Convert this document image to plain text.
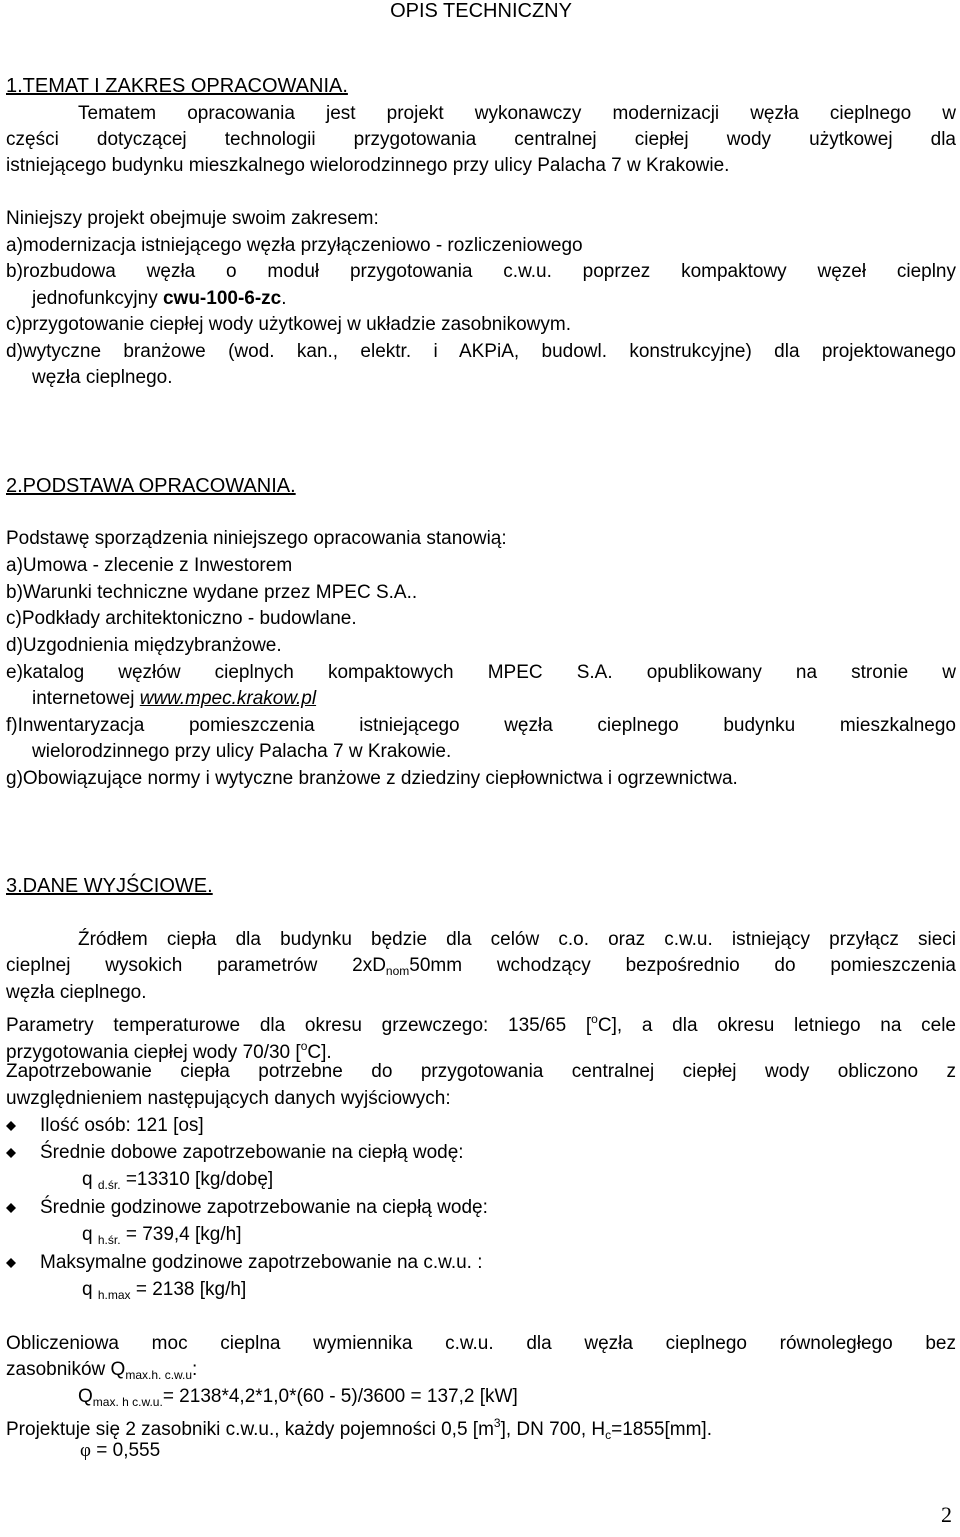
OPIS TECHNICZNY
1.TEMAT I ZAKRES OPRACOWANIA.
Tematem opracowania jest projekt wykonawczy modernizacji węzła cieplnego w
części dotyczącej technologii przygotowania centralnej ciepłej wody użytkowej dla
istniejącego budynku mieszkalnego wielorodzinnego przy ulicy Palacha 7 w Krakowie.
Niniejszy projekt obejmuje swoim zakresem:
a)modernizacja istniejącego węzła przyłączeniowo - rozliczeniowego
b)rozbudowa węzła o moduł przygotowania c.w.u. poprzez kompaktowy węzeł cieplny
jednofunkcyjny cwu-100-6-zc.
c)przygotowanie ciepłej wody użytkowej w układzie zasobnikowym.
d)wytyczne branżowe (wod. kan., elektr. i AKPiA, budowl. konstrukcyjne) dla projektowanego
węzła cieplnego.
2.PODSTAWA OPRACOWANIA.
Podstawę sporządzenia niniejszego opracowania stanowią:
a)Umowa - zlecenie z Inwestorem
b)Warunki techniczne wydane przez MPEC S.A..
c)Podkłady architektoniczno - budowlane.
d)Uzgodnienia międzybranżowe.
e)katalog węzłów cieplnych kompaktowych MPEC S.A. opublikowany na stronie w
internetowej www.mpec.krakow.pl
f)Inwentaryzacja pomieszczenia istniejącego węzła cieplnego budynku mieszkalnego
wielorodzinnego przy ulicy Palacha 7 w Krakowie.
g)Obowiązujące normy i wytyczne branżowe z dziedziny ciepłownictwa i ogrzewnictwa.
3.DANE WYJŚCIOWE.
Źródłem ciepła dla budynku będzie dla celów c.o. oraz c.w.u. istniejący przyłącz sieci
cieplnej wysokich parametrów $2xD_{nom}50mm$ wchodzący bezpośrednio do pomieszczenia
węzła cieplnego.
Parametry temperaturowe dla okresu grzewczego: 135/65 [$^o$C], a dla okresu letniego na cele
przygotowania ciepłej wody 70/30 [$^o$C].
Zapotrzebowanie ciepła potrzebne do przygotowania centralnej ciepłej wody obliczono z
uwzględnieniem następujących danych wyjściowych:
Ilość osób: 121 [os]
Średnie dobowe zapotrzebowanie na ciepłą wodę:
q $_{d.śr.}$ =13310 [kg/dobę]
Średnie godzinowe zapotrzebowanie na ciepłą wodę:
q $_{h.śr.}$ = 739,4 [kg/h]
Maksymalne godzinowe zapotrzebowanie na c.w.u. :
q $_{h.max}$ = 2138 [kg/h]
Obliczeniowa moc cieplna wymiennika c.w.u. dla węzła cieplnego równoległego bez
zasobników $Q_{max.h. c.w.u}$:
$Q_{max. h c.w.u.}= 2138*4,2*1,0*(60 - 5)/3600 = 137,2$ [kW]
Projektuje się 2 zasobniki c.w.u., każdy pojemności 0,5 $[m^3]$, DN 700, $H_c=1855[mm]$.
φ = 0,555
2
